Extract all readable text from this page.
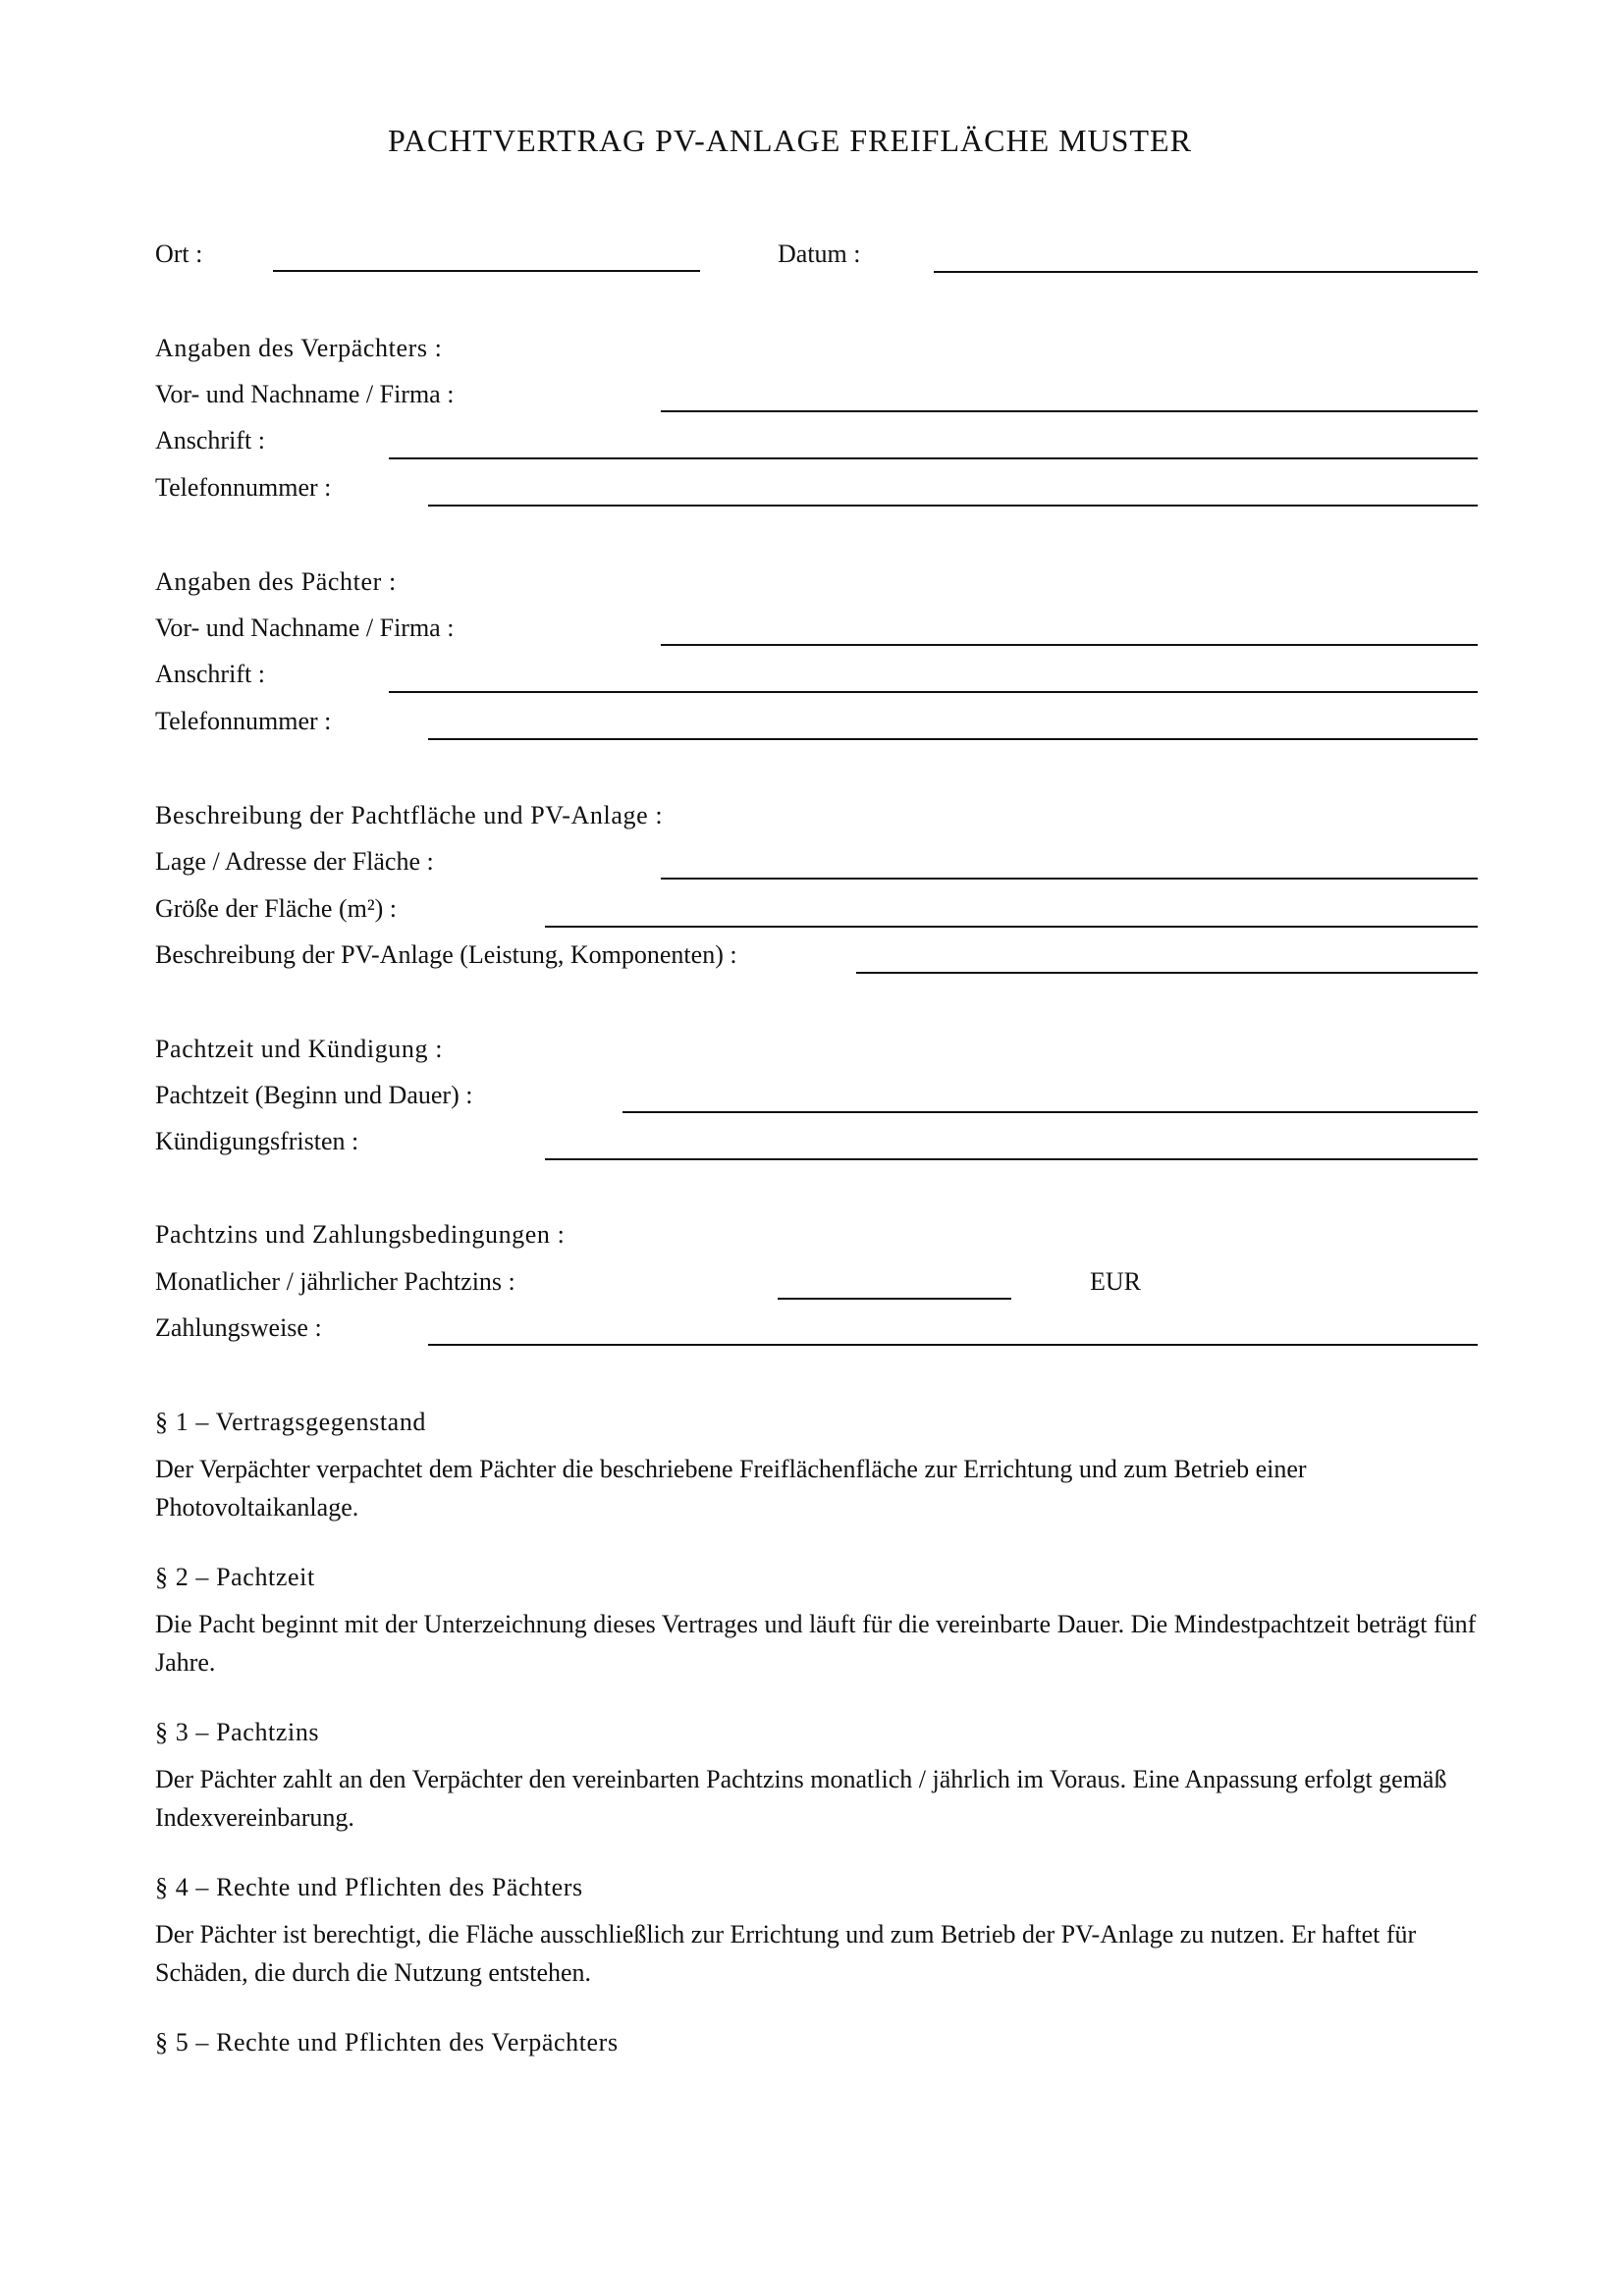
PACHTVERTRAG PV-ANLAGE FREIFLÄCHE MUSTER
Ort :	Datum :
Angaben des Verpächters :
Vor- und Nachname / Firma :
Anschrift :
Telefonnummer :
Angaben des Pächter :
Vor- und Nachname / Firma :
Anschrift :
Telefonnummer :
Beschreibung der Pachtfläche und PV-Anlage :
Lage / Adresse der Fläche :
Größe der Fläche (m²) :
Beschreibung der PV-Anlage (Leistung, Komponenten) :
Pachtzeit und Kündigung :
Pachtzeit (Beginn und Dauer) :
Kündigungsfristen :
Pachtzins und Zahlungsbedingungen :
Monatlicher / jährlicher Pachtzins :	EUR
Zahlungsweise :
§ 1 – Vertragsgegenstand
Der Verpächter verpachtet dem Pächter die beschriebene Freiflächenfläche zur Errichtung und zum Betrieb einer Photovoltaikanlage.
§ 2 – Pachtzeit
Die Pacht beginnt mit der Unterzeichnung dieses Vertrages und läuft für die vereinbarte Dauer. Die Mindestpachtzeit beträgt fünf Jahre.
§ 3 – Pachtzins
Der Pächter zahlt an den Verpächter den vereinbarten Pachtzins monatlich / jährlich im Voraus. Eine Anpassung erfolgt gemäß Indexvereinbarung.
§ 4 – Rechte und Pflichten des Pächters
Der Pächter ist berechtigt, die Fläche ausschließlich zur Errichtung und zum Betrieb der PV-Anlage zu nutzen. Er haftet für Schäden, die durch die Nutzung entstehen.
§ 5 – Rechte und Pflichten des Verpächters
